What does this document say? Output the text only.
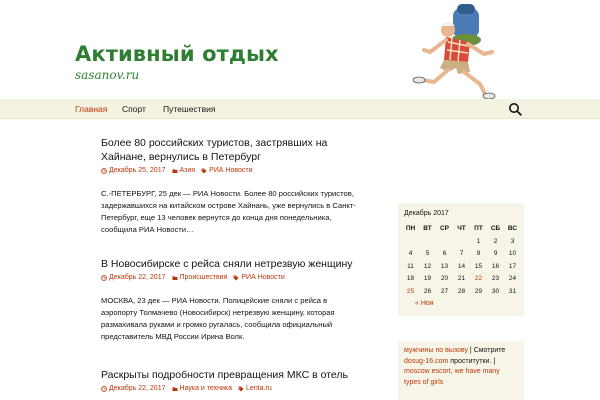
Активный отдых
sasanov.ru
Главная Спорт Путешествия
Более 80 российских туристов, застрявших на Хайнане, вернулись в Петербург
Декабрь 25, 2017 Азия РИА Новости

С.-ПЕТЕРБУРГ, 25 дек — РИА Новости. Более 80 российских туристов, задержавшихся на китайском острове Хайнань, уже вернулись в Санкт-Петербург, еще 13 человек вернутся до конца дня понедельника, сообщила РИА Новости…

В Новосибирске с рейса сняли нетрезвую женщину
Декабрь 22, 2017 Происшествия РИА Новости

МОСКВА, 23 дек — РИА Новости. Полицейские сняли с рейса в аэропорту Толмачево (Новосибирск) нетрезвую женщину, которая размахивала руками и громко ругалась, сообщила официальный представитель МВД России Ирина Волк.

Раскрыты подробности превращения МКС в отель
Декабрь 22, 2017 Наука и техника Lenta.ru
Декабрь 2017
ПН	ВТ	СР	ЧТ	ПТ	СБ	ВС
				1	2	3
4	5	6	7	8	9	10
11	12	13	14	15	16	17
18	19	20	21	22	23	24
25	26	27	28	29	30	31
« Ноя
мужчины по вызову | Смотрите dosug-16.com проститутки. | moscow escort, we have many types of girls
